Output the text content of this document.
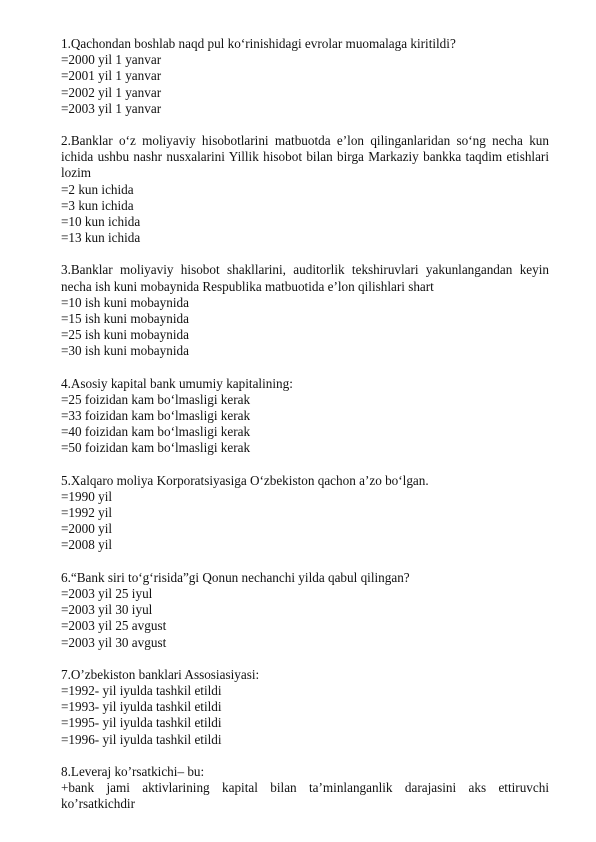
1.Qachondan boshlab naqd pul ko‘rinishidagi evrolar muomalaga kiritildi?
=2000 yil 1 yanvar
=2001 yil 1 yanvar
=2002 yil 1 yanvar
=2003 yil 1 yanvar
2.Banklar o‘z moliyaviy hisobotlarini matbuotda e’lon qilinganlaridan so‘ng necha kun ichida ushbu nashr nusxalarini Yillik hisobot bilan birga Markaziy bankka taqdim etishlari lozim
=2 kun ichida
=3 kun ichida
=10 kun ichida
=13 kun ichida
3.Banklar moliyaviy hisobot shakllarini, auditorlik tekshiruvlari yakunlangandan keyin necha ish kuni mobaynida Respublika matbuotida e’lon qilishlari shart
=10 ish kuni mobaynida
=15 ish kuni mobaynida
=25 ish kuni mobaynida
=30 ish kuni mobaynida
4.Asosiy kapital bank umumiy kapitalining:
=25 foizidan kam bo‘lmasligi kerak
=33 foizidan kam bo‘lmasligi kerak
=40 foizidan kam bo‘lmasligi kerak
=50 foizidan kam bo‘lmasligi kerak
5.Xalqaro moliya Korporatsiyasiga O‘zbekiston qachon a’zo bo‘lgan.
=1990 yil
=1992 yil
=2000 yil
=2008 yil
6.“Bank siri to‘g‘risida”gi Qonun nechanchi yilda qabul qilingan?
=2003 yil 25 iyul
=2003 yil 30 iyul
=2003 yil 25 avgust
=2003 yil 30 avgust
7.O’zbekiston banklari Assosiasiyasi:
=1992- yil iyulda tashkil etildi
=1993- yil iyulda tashkil etildi
=1995- yil iyulda tashkil etildi
=1996- yil iyulda tashkil etildi
8.Leveraj ko’rsatkichi– bu:
+bank jami aktivlarining kapital bilan ta’minlanganlik darajasini aks ettiruvchi ko’rsatkichdir
